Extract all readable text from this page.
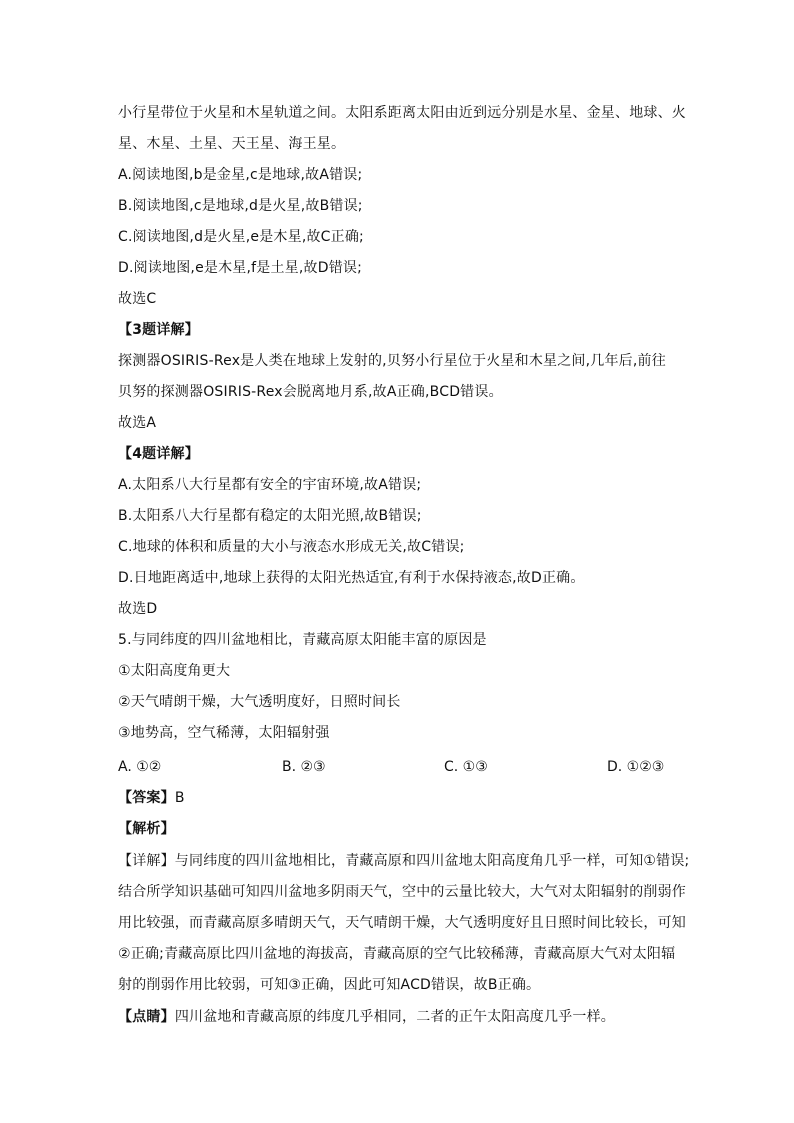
小行星带位于火星和木星轨道之间。太阳系距离太阳由近到远分别是水星、金星、地球、火
星、木星、土星、天王星、海王星。
A.阅读地图,b是金星,c是地球,故A错误;
B.阅读地图,c是地球,d是火星,故B错误;
C.阅读地图,d是火星,e是木星,故C正确;
D.阅读地图,e是木星,f是土星,故D错误;
故选C
【3题详解】
探测器OSIRIS-Rex是人类在地球上发射的,贝努小行星位于火星和木星之间,几年后,前往
贝努的探测器OSIRIS-Rex会脱离地月系,故A正确,BCD错误。
故选A
【4题详解】
A.太阳系八大行星都有安全的宇宙环境,故A错误;
B.太阳系八大行星都有稳定的太阳光照,故B错误;
C.地球的体积和质量的大小与液态水形成无关,故C错误;
D.日地距离适中,地球上获得的太阳光热适宜,有利于水保持液态,故D正确。
故选D
5.与同纬度的四川盆地相比，青藏高原太阳能丰富的原因是
①太阳高度角更大
②天气晴朗干燥，大气透明度好，日照时间长
③地势高，空气稀薄，太阳辐射强
A. ①②	B. ②③	C. ①③	D. ①②③
【答案】B
【解析】
【详解】与同纬度的四川盆地相比，青藏高原和四川盆地太阳高度角几乎一样，可知①错误;
结合所学知识基础可知四川盆地多阴雨天气，空中的云量比较大，大气对太阳辐射的削弱作
用比较强，而青藏高原多晴朗天气，天气晴朗干燥，大气透明度好且日照时间比较长，可知
②正确;青藏高原比四川盆地的海拔高，青藏高原的空气比较稀薄，青藏高原大气对太阳辐
射的削弱作用比较弱，可知③正确，因此可知ACD错误，故B正确。
【点睛】四川盆地和青藏高原的纬度几乎相同，二者的正午太阳高度几乎一样。
